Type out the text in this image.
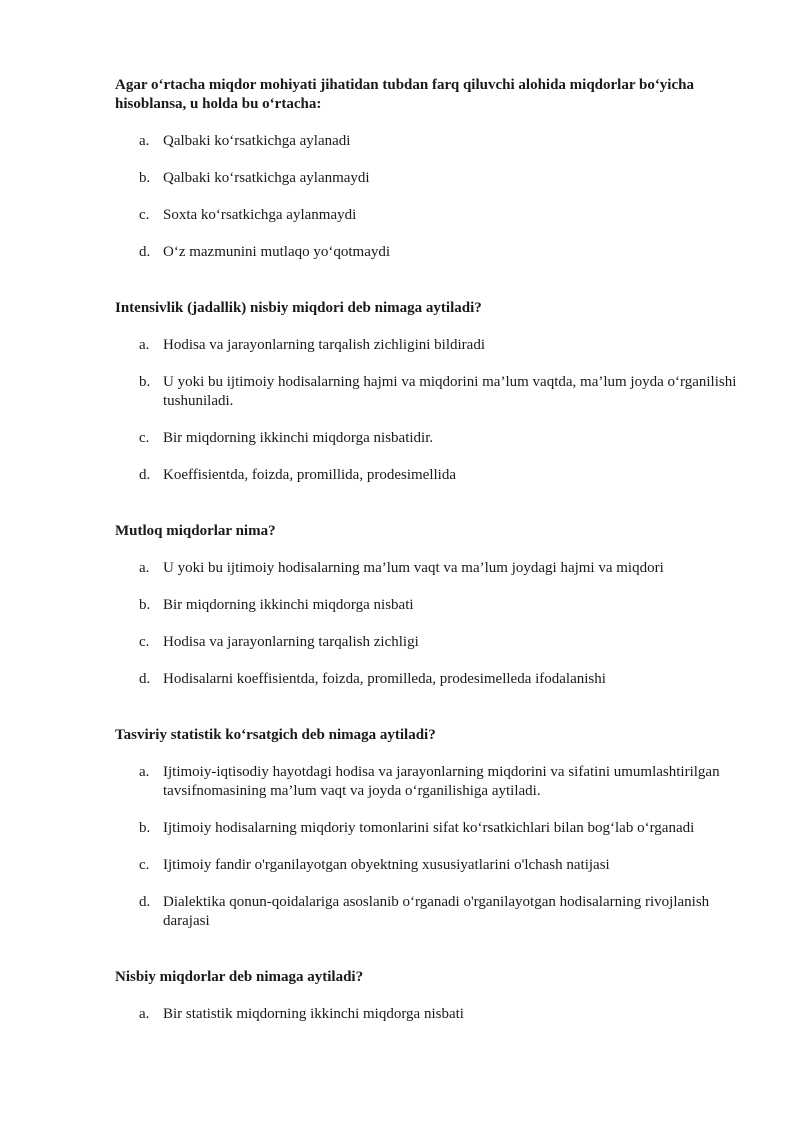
Agar o‘rtacha miqdor mohiyati jihatidan tubdan farq qiluvchi alohida miqdorlar bo‘yicha hisoblansa, u holda bu o‘rtacha:

a. Qalbaki ko‘rsatkichga aylanadi
b. Qalbaki ko‘rsatkichga aylanmaydi
c. Soxta ko‘rsatkichga aylanmaydi
d. O‘z mazmunini mutlaqo yo‘qotmaydi

Intensivlik (jadallik) nisbiy miqdori deb nimaga aytiladi?

a. Hodisa va jarayonlarning tarqalish zichligini bildiradi
b. U yoki bu ijtimoiy hodisalarning hajmi va miqdorini ma’lum vaqtda, ma’lum joyda o‘rganilishi tushuniladi.
c. Bir miqdorning ikkinchi miqdorga nisbatidir.
d. Koeffisientda, foizda, promillida, prodesimellida

Mutloq miqdorlar nima?

a. U yoki bu ijtimoiy hodisalarning ma’lum vaqt va ma’lum joydagi hajmi va miqdori
b. Bir miqdorning ikkinchi miqdorga nisbati
c. Hodisa va jarayonlarning tarqalish zichligi
d. Hodisalarni koeffisientda, foizda, promilleda, prodesimelleda ifodalanishi

Tasviriy statistik ko‘rsatgich deb nimaga aytiladi?

a. Ijtimoiy-iqtisodiy hayotdagi hodisa va jarayonlarning miqdorini va sifatini umumlashtirilgan tavsifnomasining ma’lum vaqt va joyda o‘rganilishiga aytiladi.
b. Ijtimoiy hodisalarning miqdoriy tomonlarini sifat ko‘rsatkichlari bilan bog‘lab o‘rganadi
c. Ijtimoiy fandir o'rganilayotgan obyektning xususiyatlarini o'lchash natijasi
d. Dialektika qonun-qoidalariga asoslanib o‘rganadi o'rganilayotgan hodisalarning rivojlanish darajasi

Nisbiy miqdorlar deb nimaga aytiladi?

a. Bir statistik miqdorning ikkinchi miqdorga nisbati
